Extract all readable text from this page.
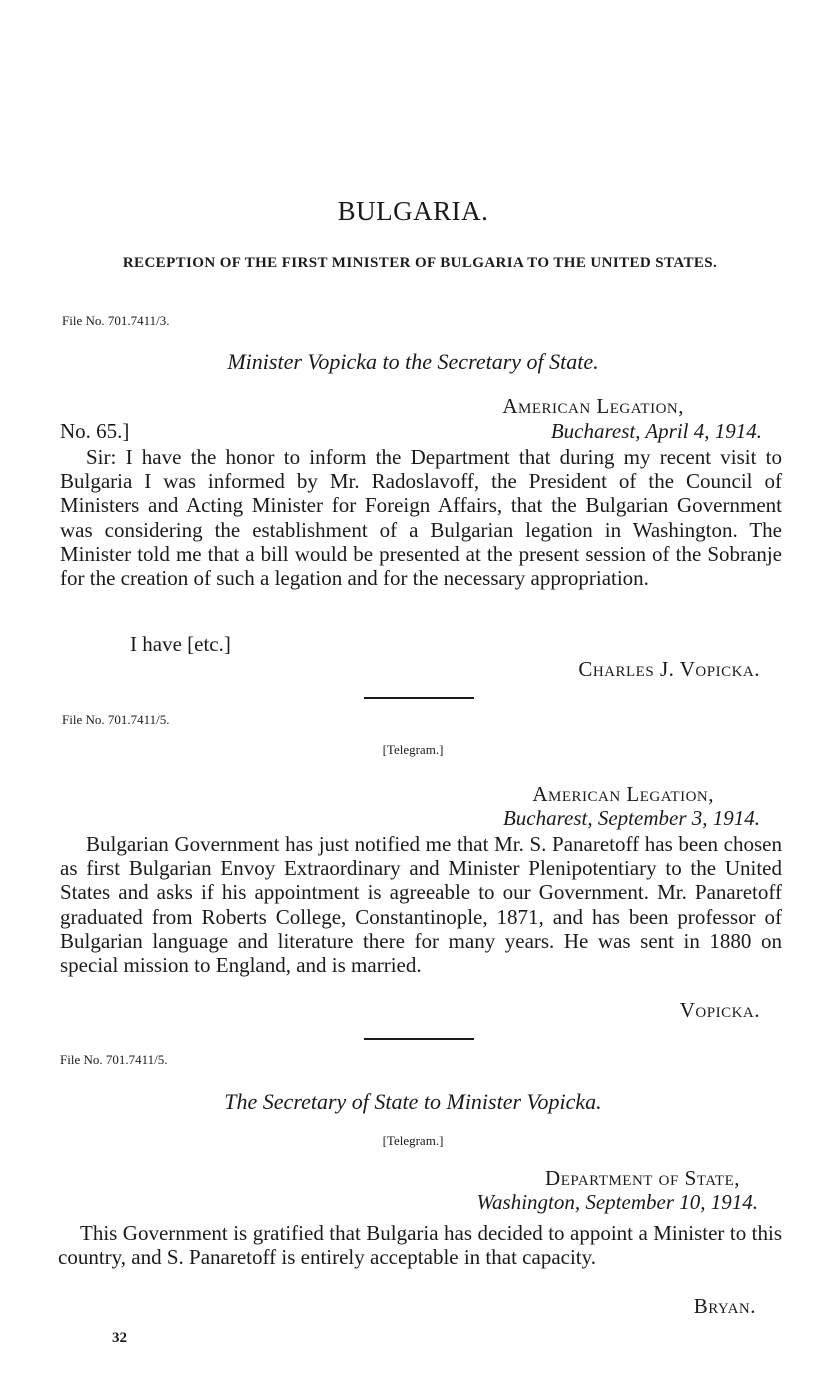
BULGARIA.
RECEPTION OF THE FIRST MINISTER OF BULGARIA TO THE UNITED STATES.
File No. 701.7411/3.
Minister Vopicka to the Secretary of State.
American Legation,
No. 65.]	Bucharest, April 4, 1914.
Sir: I have the honor to inform the Department that during my recent visit to Bulgaria I was informed by Mr. Radoslavoff, the President of the Council of Ministers and Acting Minister for Foreign Affairs, that the Bulgarian Government was considering the establishment of a Bulgarian legation in Washington. The Minister told me that a bill would be presented at the present session of the Sobranje for the creation of such a legation and for the necessary appropriation.
I have [etc.]
Charles J. Vopicka.
File No. 701.7411/5.
[Telegram.]
American Legation,
Bucharest, September 3, 1914.
Bulgarian Government has just notified me that Mr. S. Panaretoff has been chosen as first Bulgarian Envoy Extraordinary and Minister Plenipotentiary to the United States and asks if his appointment is agreeable to our Government. Mr. Panaretoff graduated from Roberts College, Constantinople, 1871, and has been professor of Bulgarian language and literature there for many years. He was sent in 1880 on special mission to England, and is married.
Vopicka.
File No. 701.7411/5.
The Secretary of State to Minister Vopicka.
[Telegram.]
Department of State,
Washington, September 10, 1914.
This Government is gratified that Bulgaria has decided to appoint a Minister to this country, and S. Panaretoff is entirely acceptable in that capacity.
Bryan.
32
